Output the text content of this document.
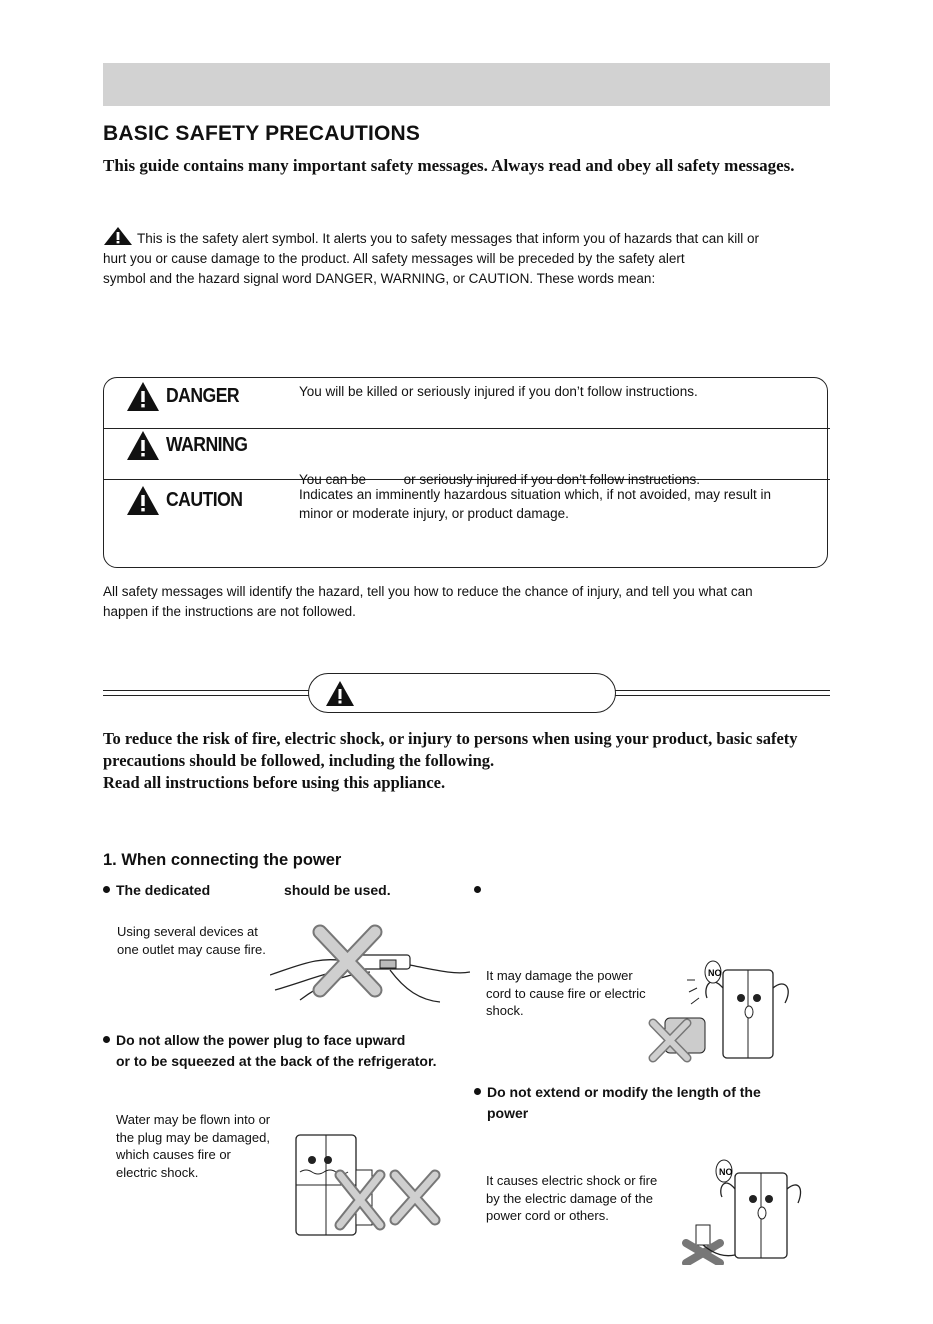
BASIC SAFETY PRECAUTIONS
This guide contains many important safety messages. Always read and obey all safety messages.
This is the safety alert symbol. It alerts you to safety messages that inform you of hazards that can kill or
hurt you or cause damage to the product. All safety messages will be preceded by the safety alert
symbol and the hazard signal word DANGER, WARNING, or CAUTION. These words mean:
DANGER	You will be killed or seriously injured if you don’t follow instructions.
WARNING

You can be          or seriously injured if you don’t follow instructions.

CAUTION	Indicates an imminently hazardous situation which, if not avoided, may result in
minor or moderate injury, or product damage.
All safety messages will identify the hazard, tell you how to reduce the chance of injury, and tell you what can
happen if the instructions are not followed.
To reduce the risk of fire, electric shock, or injury to persons when using your product, basic safety
precautions should be followed, including the following.
Read all instructions before using this appliance.
1. When connecting the power
The dedicated                   should be used.
Using several devices at
one outlet may cause fire.
It may damage the power
cord to cause fire or electric
shock.
NO
Do not allow the power plug to face upward
or to be squeezed at the back of the refrigerator.
Water may be flown into or
the plug may be damaged,
which causes fire or
electric shock.
Do not extend or modify the length of the
power
It causes electric shock or fire
by the electric damage of the
power cord or others.
NO
